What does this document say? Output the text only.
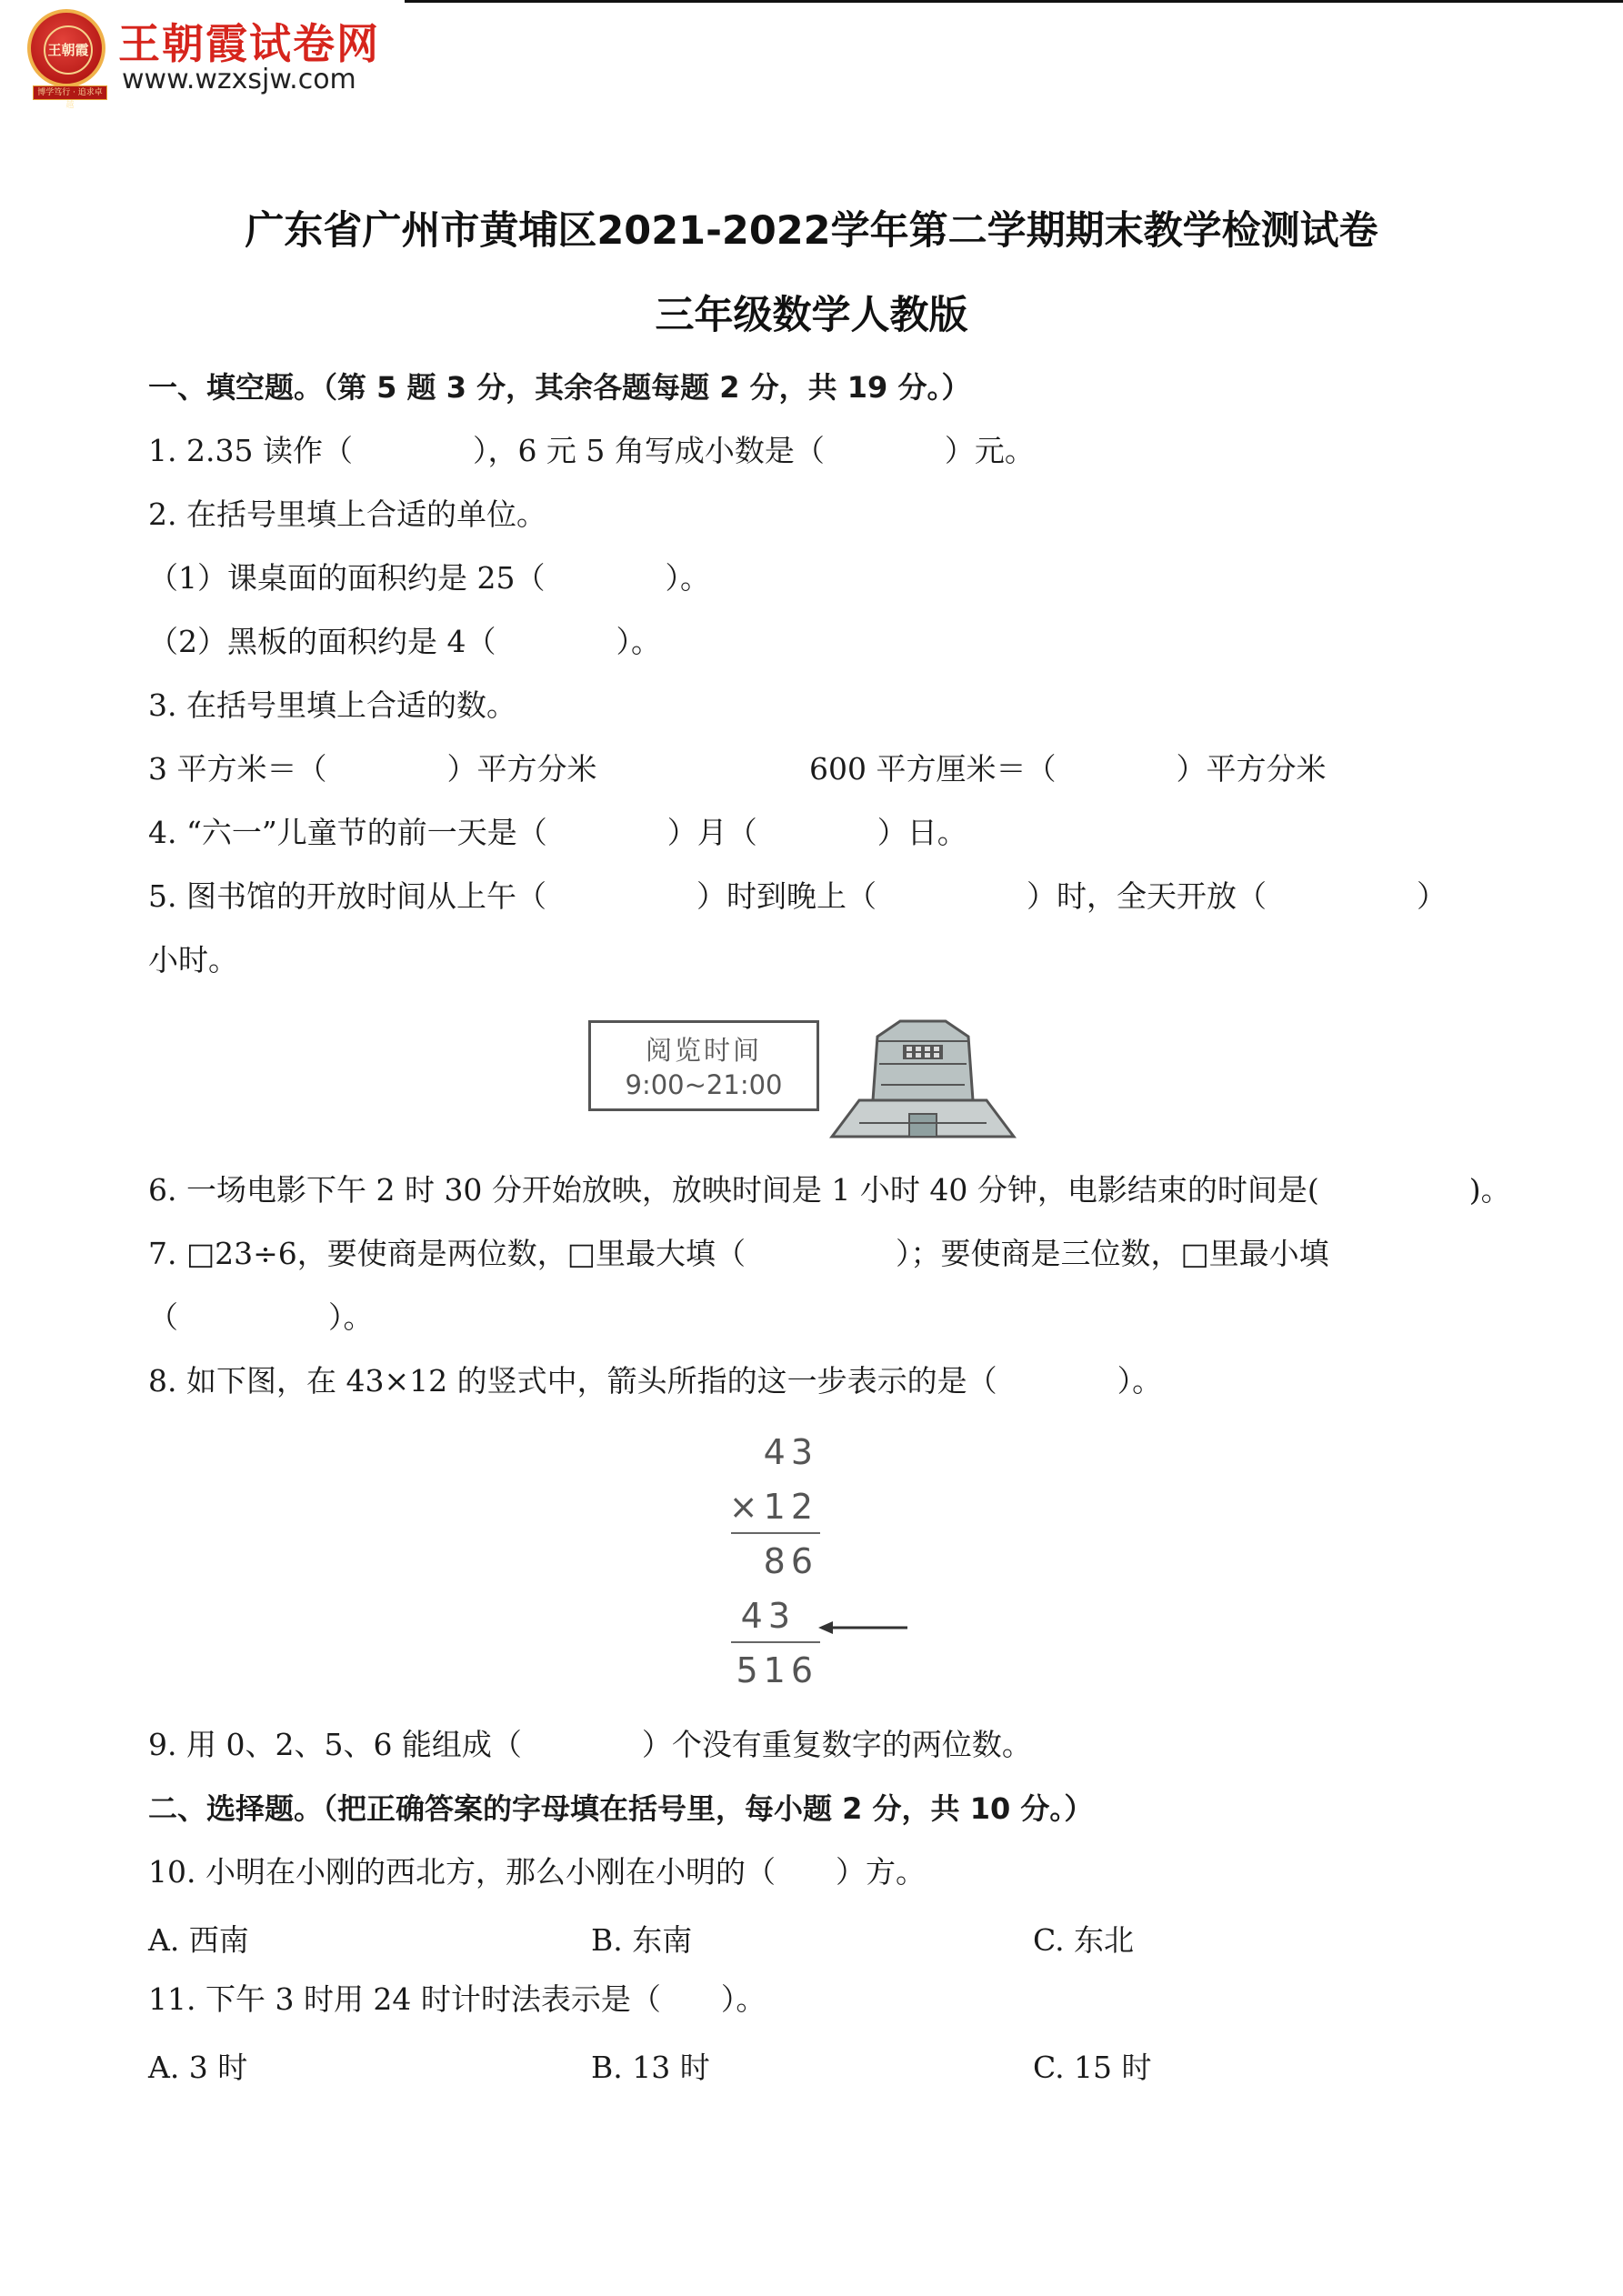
王朝霞
博学笃行 · 追求卓越
王朝霞试卷网
www.wzxsjw.com
广东省广州市黄埔区2021-2022学年第二学期期末教学检测试卷
三年级数学人教版
一、填空题。（第 5 题 3 分，其余各题每题 2 分，共 19 分。）
1. 2.35 读作（　　　　），6 元 5 角写成小数是（　　　　）元。
2. 在括号里填上合适的单位。
（1）课桌面的面积约是 25（　　　　）。
（2）黑板的面积约是 4（　　　　）。
3. 在括号里填上合适的数。
3 平方米＝（　　　　）平方分米	600 平方厘米＝（　　　　）平方分米
4. “六一”儿童节的前一天是（　　　　）月（　　　　）日。
5. 图书馆的开放时间从上午（　　　　　）时到晚上（　　　　　）时，全天开放（　　　　　）
小时。
阅览时间
9:00~21:00
6. 一场电影下午 2 时 30 分开始放映，放映时间是 1 小时 40 分钟，电影结束的时间是(　　　　　)。
7. □23÷6，要使商是两位数，□里最大填（　　　　　）；要使商是三位数，□里最小填
（　　　　　）。
8. 如下图，在 43×12 的竖式中，箭头所指的这一步表示的是（　　　　）。
43
×12
86
43
516
9. 用 0、2、5、6 能组成（　　　　）个没有重复数字的两位数。
二、选择题。（把正确答案的字母填在括号里，每小题 2 分，共 10 分。）
10. 小明在小刚的西北方，那么小刚在小明的（　　）方。
A. 西南	B. 东南	C. 东北
11. 下午 3 时用 24 时计时法表示是（　　）。
A. 3 时	B. 13 时	C. 15 时
